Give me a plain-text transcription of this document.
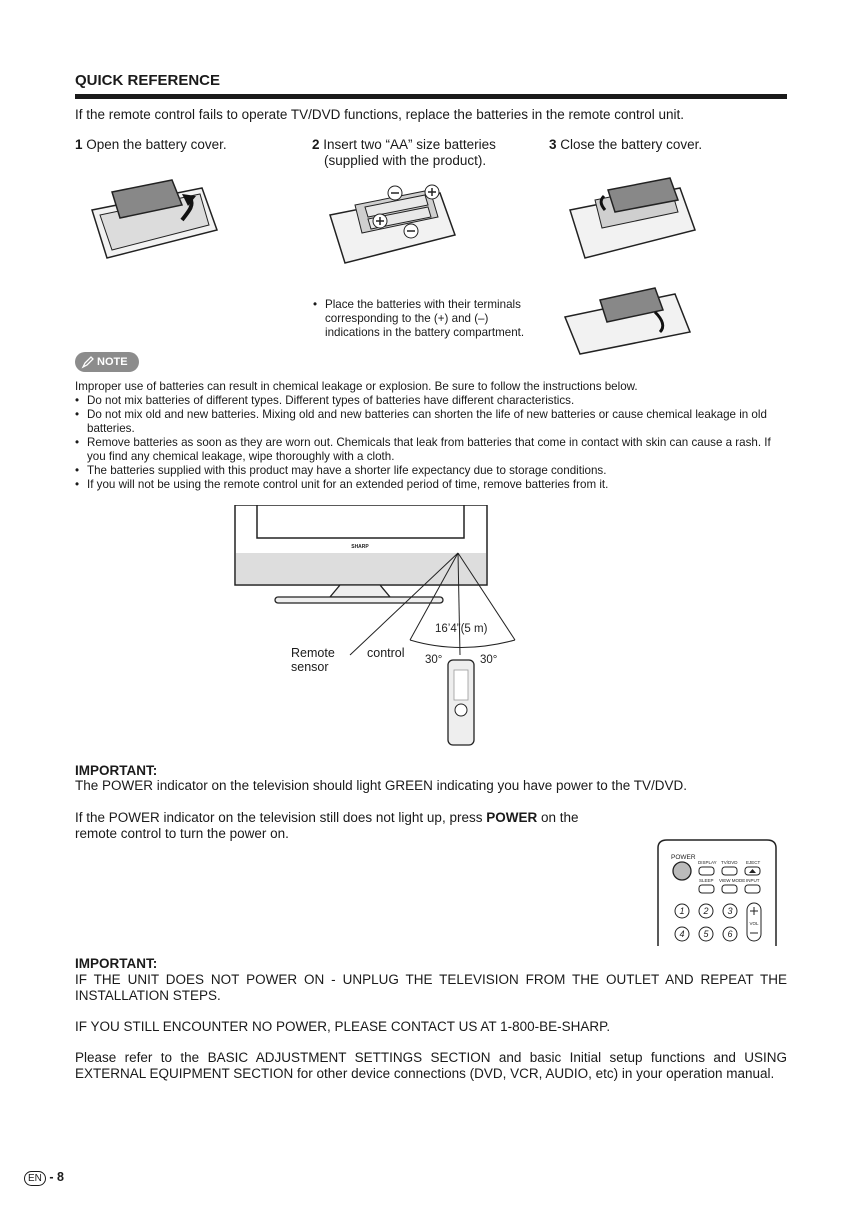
QUICK REFERENCE
If the remote control fails to operate TV/DVD functions, replace the batteries in the remote control unit.
1 Open the battery cover.	2 Insert two “AA” size batteries
(supplied with the product).
3 Close the battery cover.
• Place the batteries with their terminals
corresponding to the (+) and (–)
indications in the battery compartment.
NOTE
Improper use of batteries can result in chemical leakage or explosion. Be sure to follow the instructions below.
• Do not mix batteries of different types. Different types of batteries have different characteristics.
• Do not mix old and new batteries. Mixing old and new batteries can shorten the life of new batteries or cause chemical leakage in old batteries.
• Remove batteries as soon as they are worn out. Chemicals that leak from batteries that come in contact with skin can cause a rash. If you find any chemical leakage, wipe thoroughly with a cloth.
• The batteries supplied with this product may have a shorter life expectancy due to storage conditions.
• If you will not be using the remote control unit for an extended period of time, remove batteries from it.
SHARP
16’4”(5 m)
30°	30°
Remote
sensor
control
IMPORTANT:
The POWER indicator on the television should light GREEN indicating you have power to the TV/DVD.
If the POWER indicator on the television still does not light up, press POWER on the
remote control to turn the power on.
POWER
DISPLAY TV/DVD EJECT
SLEEP VIEW MODE INPUT
1 2 3
4 5 6
VOL
IMPORTANT:
IF THE UNIT DOES NOT POWER ON - UNPLUG THE TELEVISION FROM THE OUTLET AND REPEAT THE INSTALLATION STEPS.
IF YOU STILL ENCOUNTER NO POWER, PLEASE CONTACT US AT 1-800-BE-SHARP.
Please refer to the BASIC ADJUSTMENT SETTINGS SECTION and basic Initial setup functions and USING EXTERNAL EQUIPMENT SECTION for other device connections (DVD, VCR, AUDIO, etc) in your operation manual.
EN - 8
